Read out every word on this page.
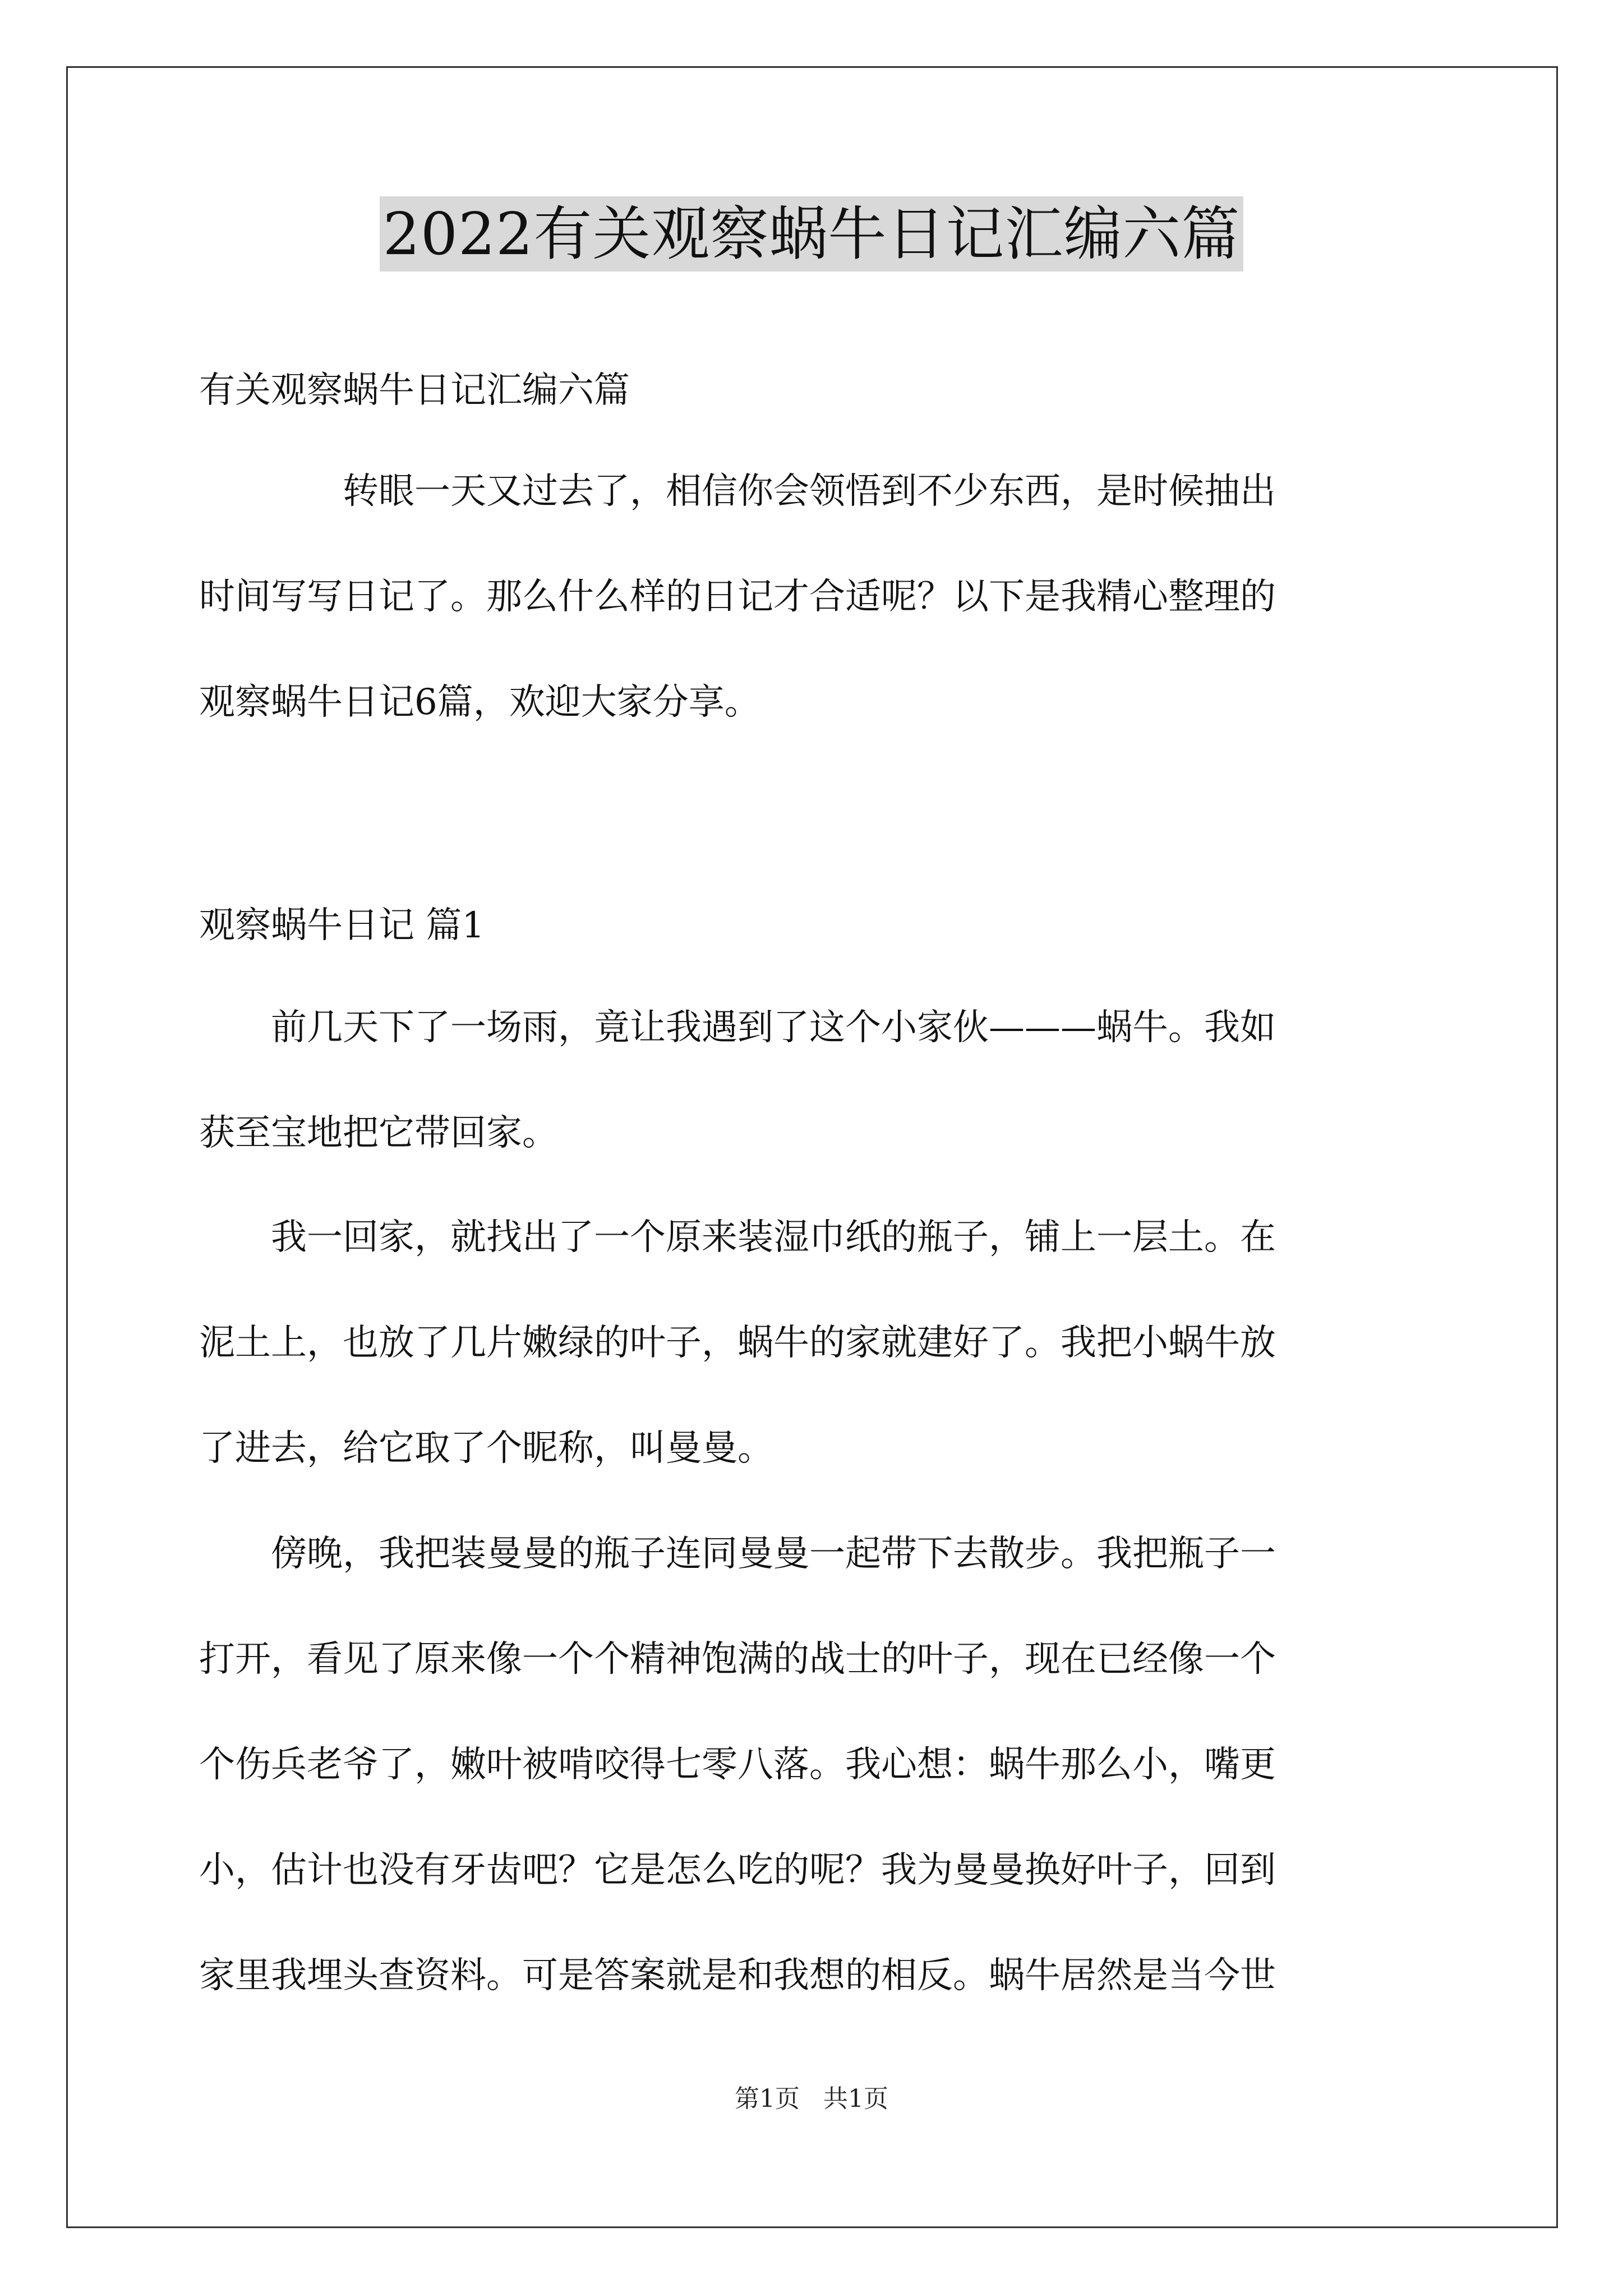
2022有关观察蜗牛日记汇编六篇

有关观察蜗牛日记汇编六篇

　　　　转眼一天又过去了，相信你会领悟到不少东西，是时候抽出
时间写写日记了。那么什么样的日记才合适呢？以下是我精心整理的
观察蜗牛日记6篇，欢迎大家分享。

观察蜗牛日记 篇1

　　前几天下了一场雨，竟让我遇到了这个小家伙———蜗牛。我如
获至宝地把它带回家。

　　我一回家，就找出了一个原来装湿巾纸的瓶子，铺上一层土。在
泥土上，也放了几片嫩绿的叶子，蜗牛的家就建好了。我把小蜗牛放
了进去，给它取了个昵称，叫曼曼。

　　傍晚，我把装曼曼的瓶子连同曼曼一起带下去散步。我把瓶子一
打开，看见了原来像一个个精神饱满的战士的叶子，现在已经像一个
个伤兵老爷了，嫩叶被啃咬得七零八落。我心想：蜗牛那么小，嘴更
小，估计也没有牙齿吧？它是怎么吃的呢？我为曼曼换好叶子，回到
家里我埋头查资料。可是答案就是和我想的相反。蜗牛居然是当今世

第1页 共1页
